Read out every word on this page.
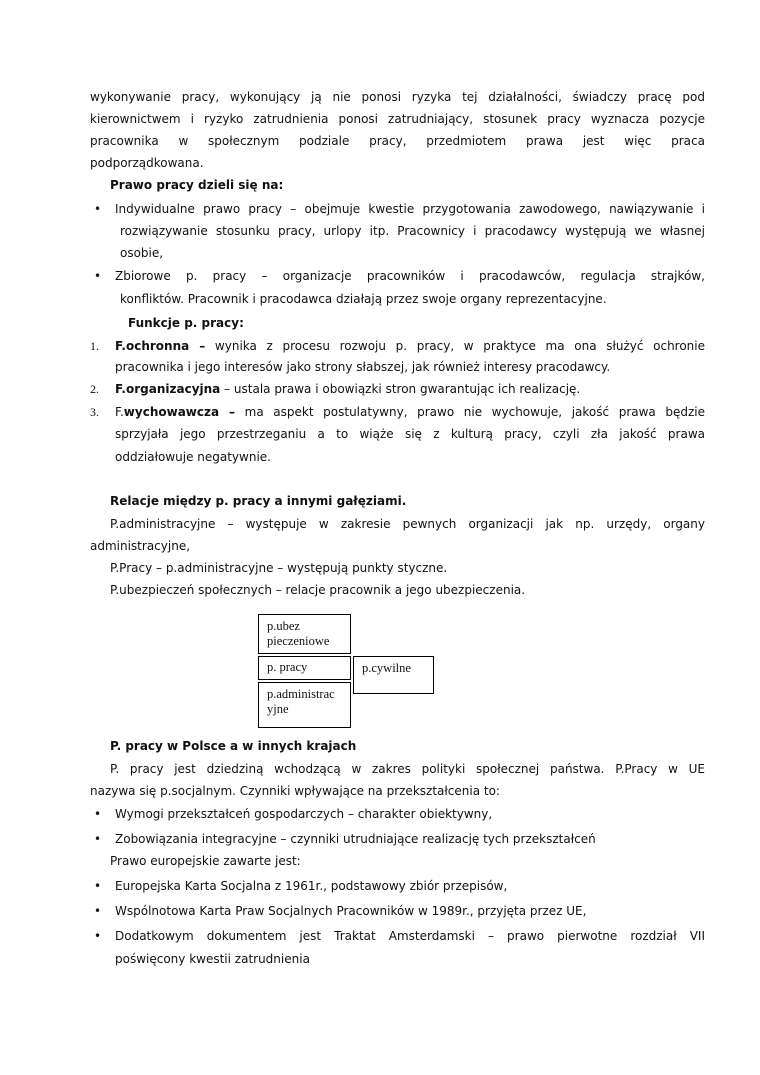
wykonywanie pracy, wykonujący ją nie ponosi ryzyka tej działalności, świadczy pracę pod
kierownictwem i ryzyko zatrudnienia ponosi zatrudniający, stosunek pracy wyznacza pozycje
pracownika w społecznym podziale pracy, przedmiotem prawa jest więc praca
podporządkowana.
Prawo pracy dzieli się na:
• Indywidualne prawo pracy – obejmuje kwestie przygotowania zawodowego, nawiązywanie i
rozwiązywanie stosunku pracy, urlopy itp. Pracownicy i pracodawcy występują we własnej
osobie,
• Zbiorowe p. pracy – organizacje pracowników i pracodawców, regulacja strajków,
konfliktów. Pracownik i pracodawca działają przez swoje organy reprezentacyjne.
Funkcje p. pracy:
1. F.ochronna – wynika z procesu rozwoju p. pracy, w praktyce ma ona służyć ochronie
pracownika i jego interesów jako strony słabszej, jak również interesy pracodawcy.
2. F.organizacyjna – ustala prawa i obowiązki stron gwarantując ich realizację.
3. F.wychowawcza – ma aspekt postulatywny, prawo nie wychowuje, jakość prawa będzie
sprzyjała jego przestrzeganiu a to wiąże się z kulturą pracy, czyli zła jakość prawa
oddziałowuje negatywnie.
Relacje między p. pracy a innymi gałęziami.
P.administracyjne – występuje w zakresie pewnych organizacji jak np. urzędy, organy
administracyjne,
P.Pracy – p.administracyjne – występują punkty styczne.
P.ubezpieczeń społecznych – relacje pracownik a jego ubezpieczenia.
p.ubez pieczeniowe
p. pracy	p.cywilne
p.administrac yjne
P. pracy w Polsce a w innych krajach
P. pracy jest dziedziną wchodzącą w zakres polityki społecznej państwa. P.Pracy w UE
nazywa się p.socjalnym. Czynniki wpływające na przekształcenia to:
• Wymogi przekształceń gospodarczych – charakter obiektywny,
• Zobowiązania integracyjne – czynniki utrudniające realizację tych przekształceń
Prawo europejskie zawarte jest:
• Europejska Karta Socjalna z 1961r., podstawowy zbiór przepisów,
• Wspólnotowa Karta Praw Socjalnych Pracowników w 1989r., przyjęta przez UE,
• Dodatkowym dokumentem jest Traktat Amsterdamski – prawo pierwotne rozdział VII
poświęcony kwestii zatrudnienia
